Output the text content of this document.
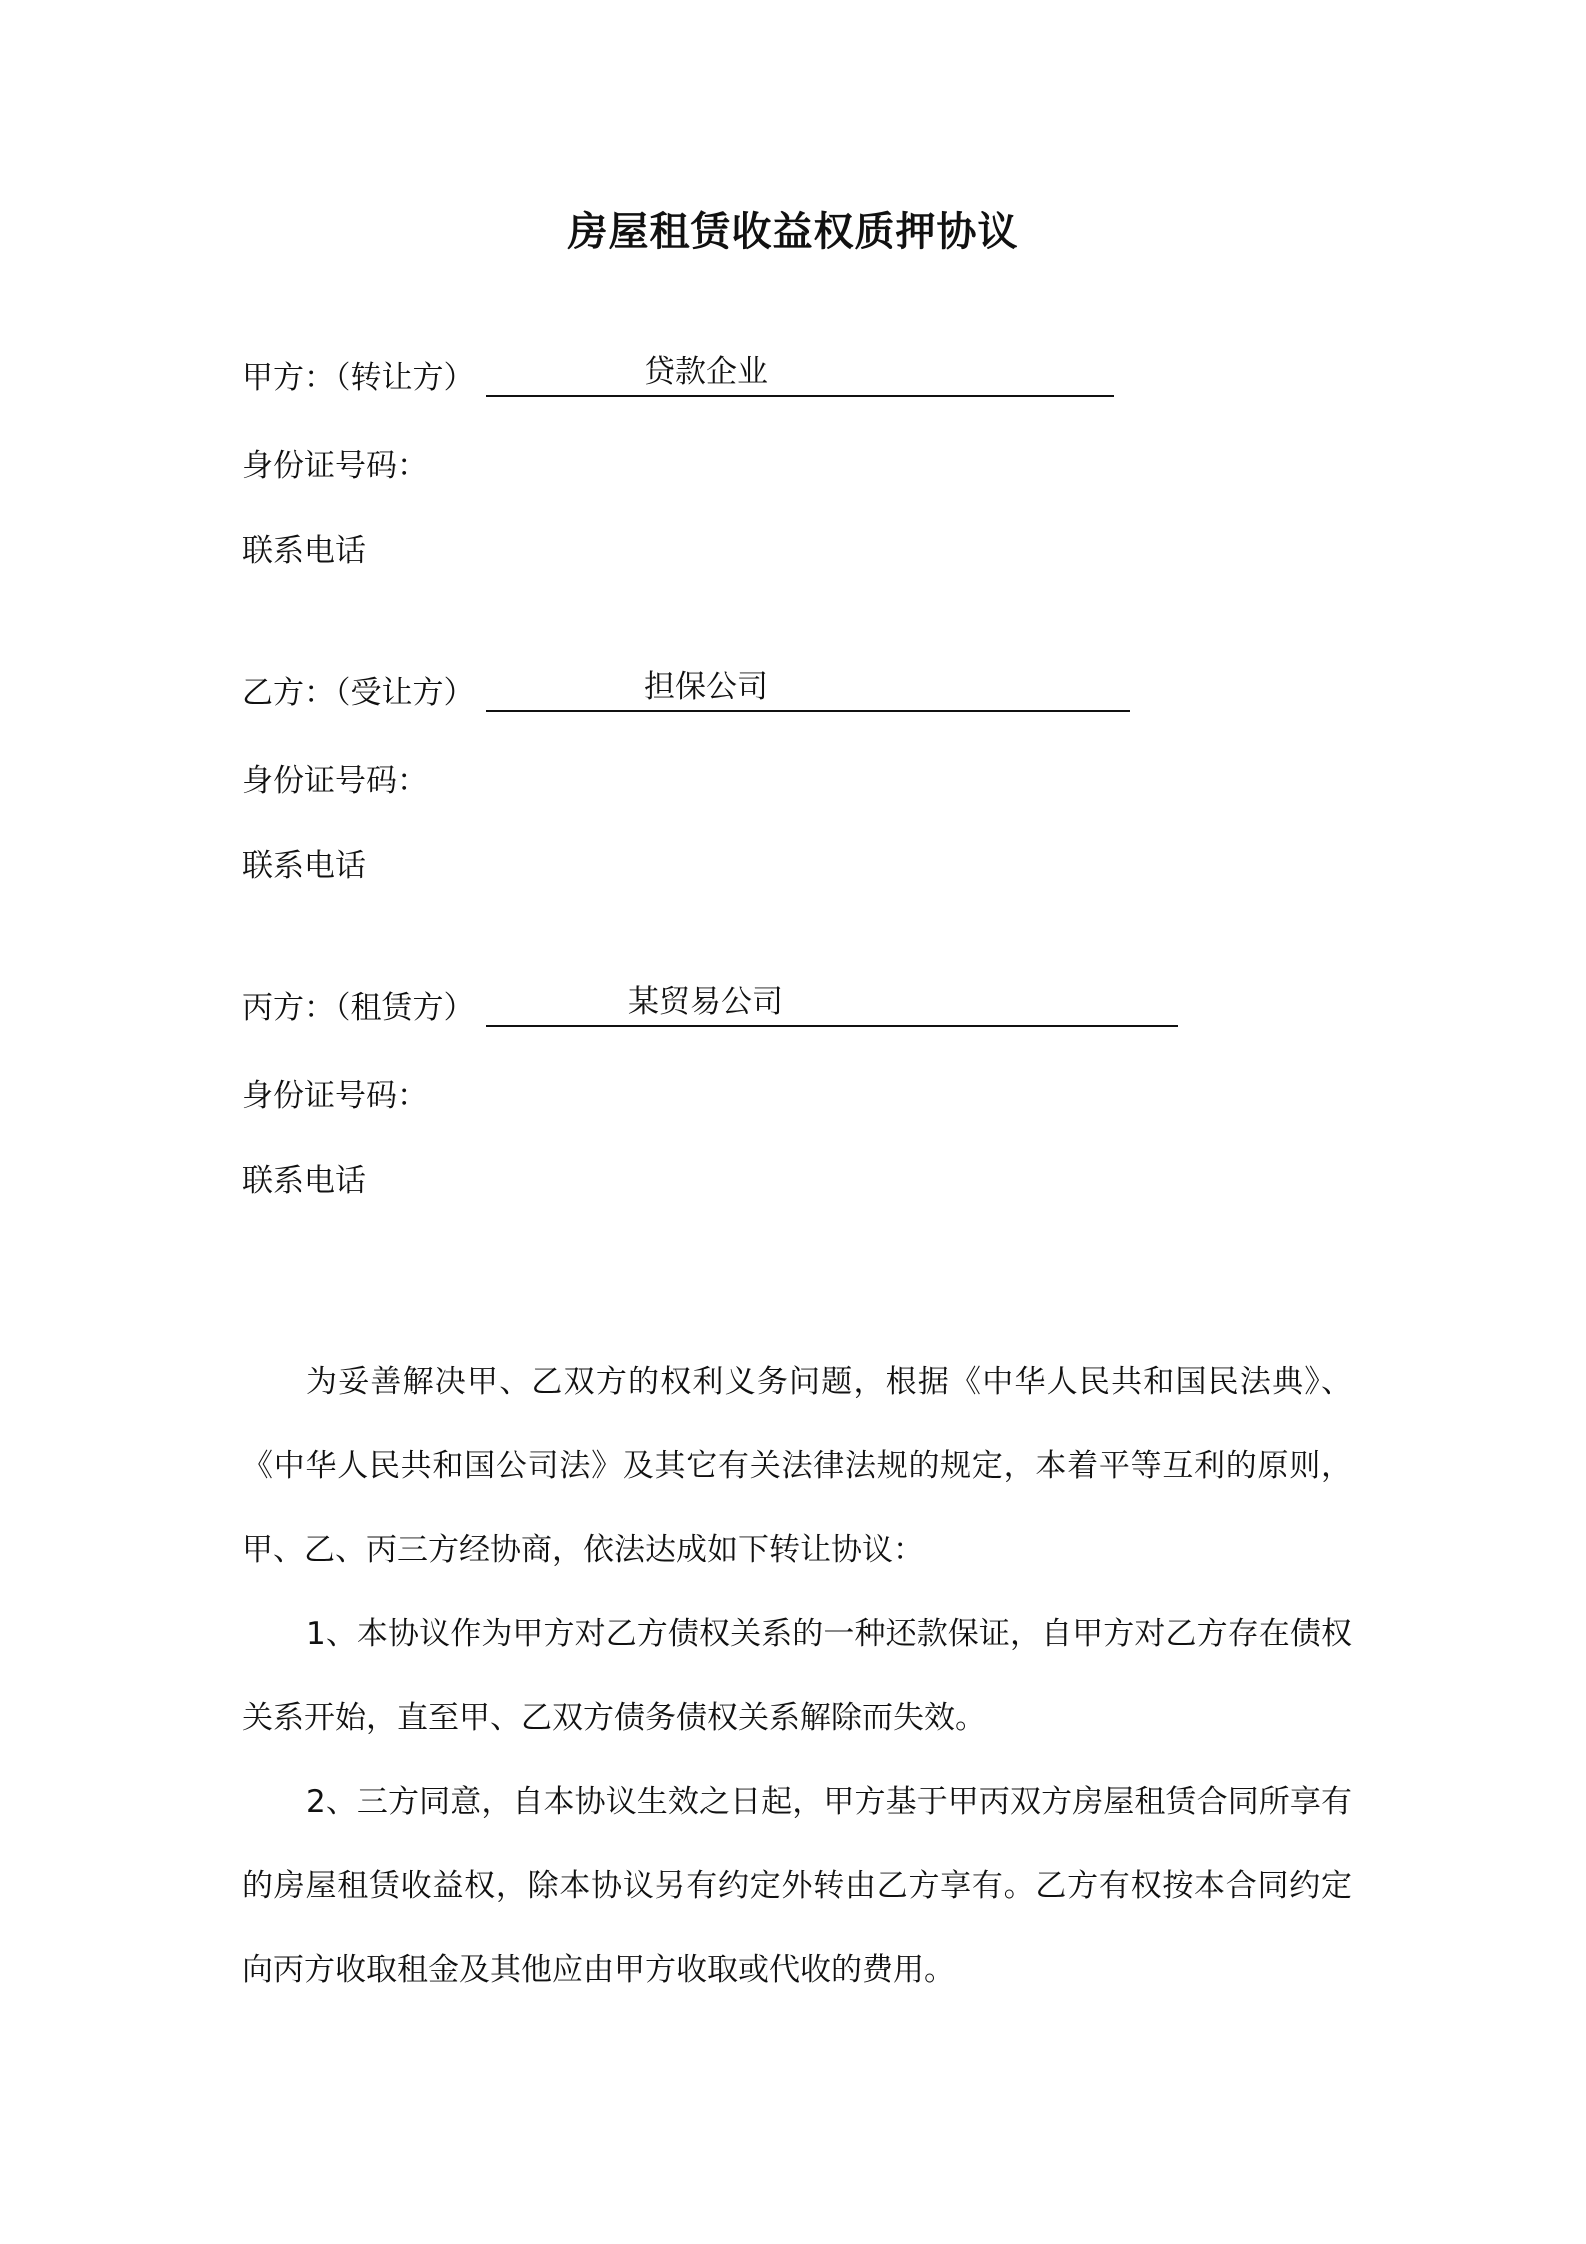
房屋租赁收益权质押协议
甲方：（转让方）	贷款企业
身份证号码：
联系电话
乙方：（受让方）	担保公司
身份证号码：
联系电话
丙方：（租赁方）	某贸易公司
身份证号码：
联系电话

为妥善解决甲、乙双方的权利义务问题，根据《中华人民共和国民法典》、《中华人民共和国公司法》及其它有关法律法规的规定，本着平等互利的原则，甲、乙、丙三方经协商，依法达成如下转让协议：

1、本协议作为甲方对乙方债权关系的一种还款保证，自甲方对乙方存在债权关系开始，直至甲、乙双方债务债权关系解除而失效。

2、三方同意，自本协议生效之日起，甲方基于甲丙双方房屋租赁合同所享有的房屋租赁收益权，除本协议另有约定外转由乙方享有。乙方有权按本合同约定向丙方收取租金及其他应由甲方收取或代收的费用。
